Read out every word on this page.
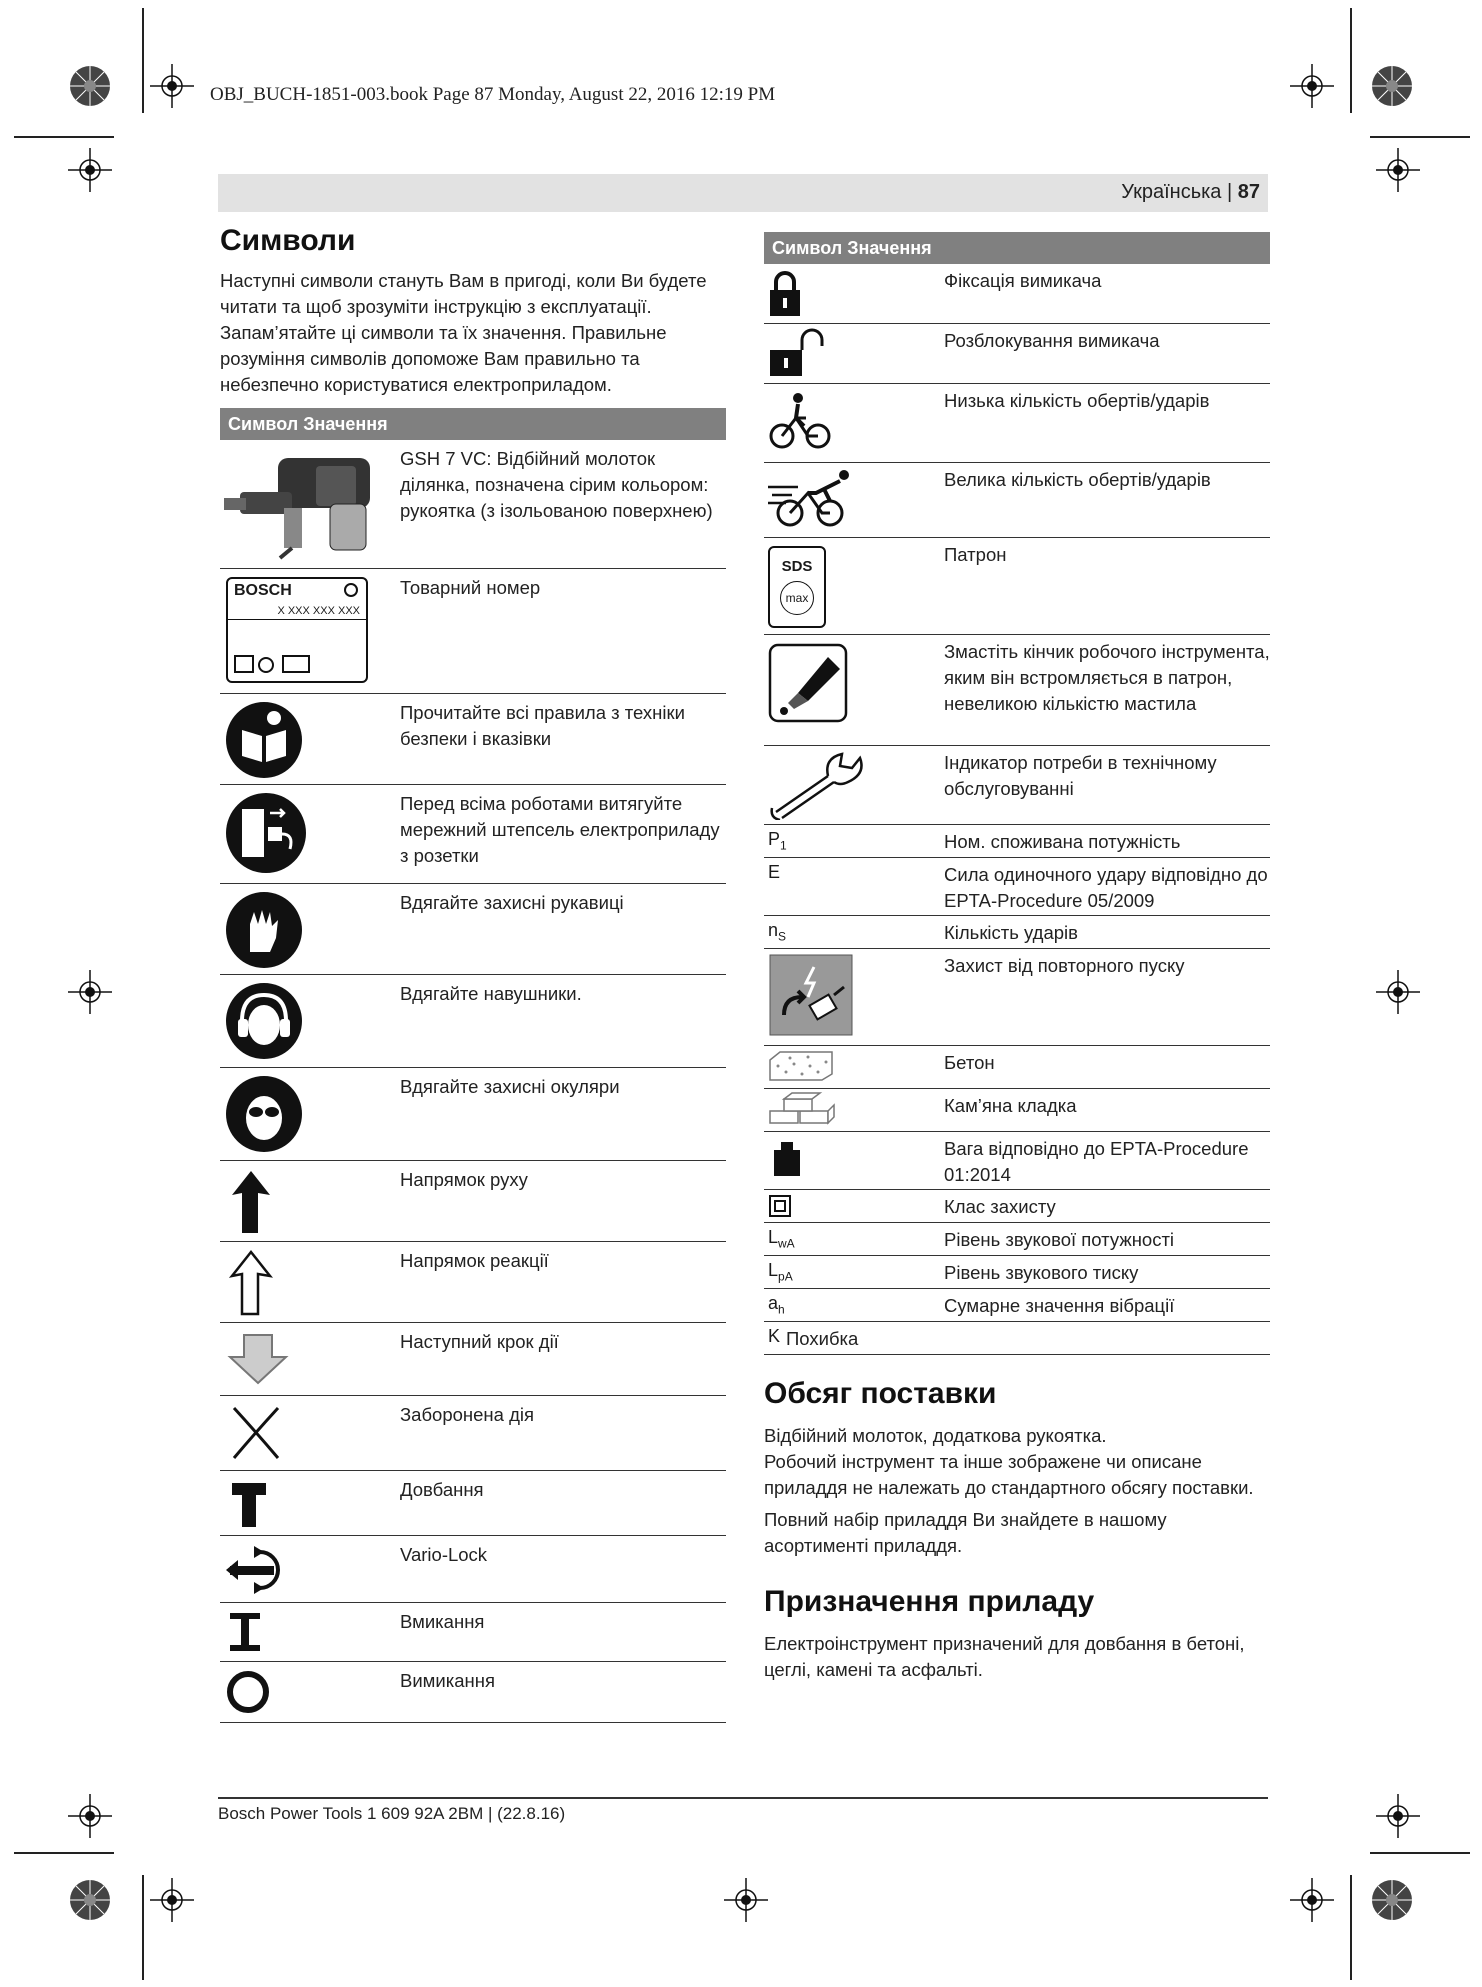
OBJ_BUCH-1851-003.book Page 87 Monday, August 22, 2016 12:19 PM
Українська | 87
Символи

Наступні символи стануть Вам в пригоді, коли Ви будете читати та щоб зрозуміти інструкцію з експлуатації. Запам’ятайте ці символи та їх значення. Правильне розуміння символів допоможе Вам правильно та небезпечно користуватися електроприладом.

Символ Значення
GSH 7 VC: Відбійний молоток ділянка, позначена сірим кольором: рукоятка (з ізольованою поверхнею)
BOSCH
X XXX XXX XXX
Товарний номер
Прочитайте всі правила з техніки безпеки і вказівки
Перед всіма роботами витягуйте мережний штепсель електроприладу з розетки
Вдягайте захисні рукавиці
Вдягайте навушники.
Вдягайте захисні окуляри
Напрямок руху
Напрямок реакції
Наступний крок дії
Заборонена дія
Довбання
Vario-Lock
Вмикання
Вимикання
Символ Значення
Фіксація вимикача
Розблокування вимикача
Низька кількість обертів/ударів
Велика кількість обертів/ударів
SDS
max
Патрон
Змастіть кінчик робочого інструмента, яким він встромляється в патрон, невеликою кількістю мастила
Індикатор потреби в технічному обслуговуванні
$P_1$	Ном. споживана потужність
E	Сила одиночного удару відповідно до EPTA-Procedure 05/2009
$n_S$	Кількість ударів
Захист від повторного пуску
Бетон
Кам’яна кладка
Вага відповідно до EPTA-Procedure 01:2014
Клас захисту
$L_{wA}$	Рівень звукової потужності
$L_{pA}$	Рівень звукового тиску
$a_h$	Сумарне значення вібрації
K Похибка
Обсяг поставки

Відбійний молоток, додаткова рукоятка.

Робочий інструмент та інше зображене чи описане приладдя не належать до стандартного обсягу поставки.

Повний набір приладдя Ви знайдете в нашому асортименті приладдя.

Призначення приладу

Електроінструмент призначений для довбання в бетоні, цеглі, камені та асфальті.

Bosch Power Tools 1 609 92A 2BM | (22.8.16)
